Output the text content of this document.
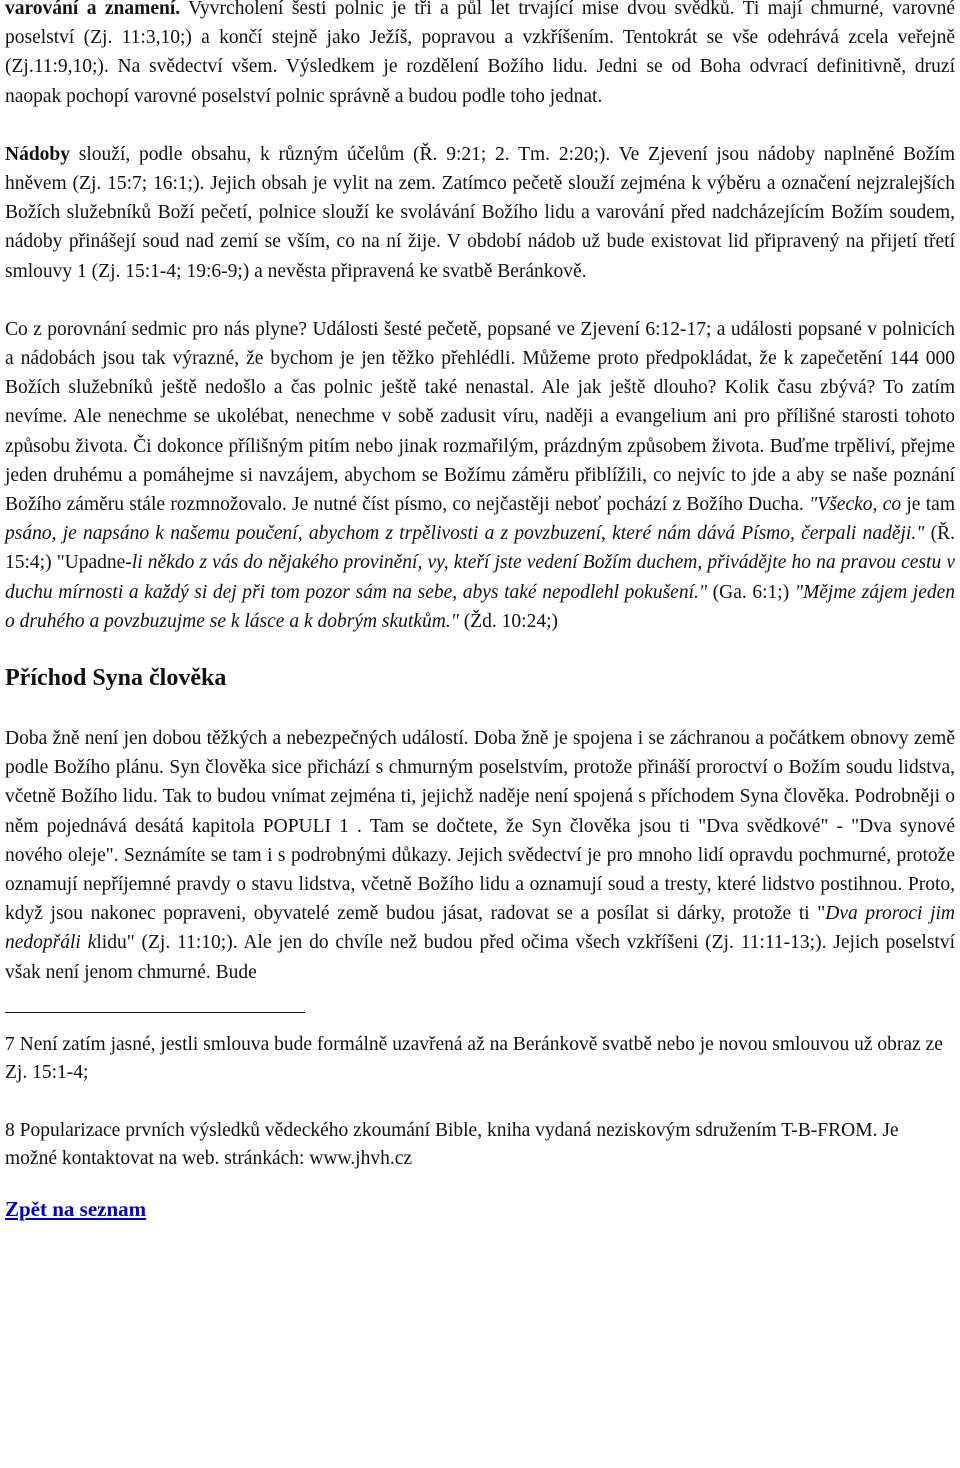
varování a znamení. Vyvrcholení šesti polnic je tři a půl let trvající mise dvou svědků. Ti mají chmurné, varovné poselství (Zj. 11:3,10;) a končí stejně jako Ježíš, popravou a vzkříšením. Tentokrát se vše odehrává zcela veřejně (Zj.11:9,10;). Na svědectví všem. Výsledkem je rozdělení Božího lidu. Jedni se od Boha odvrací definitivně, druzí naopak pochopí varovné poselství polnic správně a budou podle toho jednat.

Nádoby slouží, podle obsahu, k různým účelům (Ř. 9:21; 2. Tm. 2:20;). Ve Zjevení jsou nádoby naplněné Božím hněvem (Zj. 15:7; 16:1;). Jejich obsah je vylit na zem. Zatímco pečetě slouží zejména k výběru a označení nejzralejších Božích služebníků Boží pečetí, polnice slouží ke svolávání Božího lidu a varování před nadcházejícím Božím soudem, nádoby přinášejí soud nad zemí se vším, co na ní žije. V období nádob už bude existovat lid připravený na přijetí třetí smlouvy 1 (Zj. 15:1-4; 19:6-9;) a nevěsta připravená ke svatbě Beránkově.

Co z porovnání sedmic pro nás plyne? Události šesté pečetě, popsané ve Zjevení 6:12-17; a události popsané v polnicích a nádobách jsou tak výrazné, že bychom je jen těžko přehlédli. Můžeme proto předpokládat, že k zapečetění 144 000 Božích služebníků ještě nedošlo a čas polnic ještě také nenastal. Ale jak ještě dlouho? Kolik času zbývá? To zatím nevíme. Ale nenechme se ukolébat, nenechme v sobě zadusit víru, naději a evangelium ani pro přílišné starosti tohoto způsobu života. Či dokonce přílišným pitím nebo jinak rozmařilým, prázdným způsobem života. Buďme trpěliví, přejme jeden druhému a pomáhejme si navzájem, abychom se Božímu záměru přiblížili, co nejvíc to jde a aby se naše poznání Božího záměru stále rozmnožovalo. Je nutné číst písmo, co nejčastěji neboť pochází z Božího Ducha. "Všecko, co je tam psáno, je napsáno k našemu poučení, abychom z trpělivosti a z povzbuzení, které nám dává Písmo, čerpali naději." (Ř. 15:4;) "Upadne-li někdo z vás do nějakého provinění, vy, kteří jste vedení Božím duchem, přivádějte ho na pravou cestu v duchu mírnosti a každý si dej při tom pozor sám na sebe, abys také nepodlehl pokušení." (Ga. 6:1;) "Mějme zájem jeden o druhého a povzbuzujme se k lásce a k dobrým skutkům." (Žd. 10:24;)

Příchod Syna člověka

Doba žně není jen dobou těžkých a nebezpečných událostí. Doba žně je spojena i se záchranou a počátkem obnovy země podle Božího plánu. Syn člověka sice přichází s chmurným poselstvím, protože přináší proroctví o Božím soudu lidstva, včetně Božího lidu. Tak to budou vnímat zejména ti, jejichž naděje není spojená s příchodem Syna člověka. Podrobněji o něm pojednává desátá kapitola POPULI 1 . Tam se dočtete, že Syn člověka jsou ti "Dva svědkové" - "Dva synové nového oleje". Seznámíte se tam i s podrobnými důkazy. Jejich svědectví je pro mnoho lidí opravdu pochmurné, protože oznamují nepříjemné pravdy o stavu lidstva, včetně Božího lidu a oznamují soud a tresty, které lidstvo postihnou. Proto, když jsou nakonec popraveni, obyvatelé země budou jásat, radovat se a posílat si dárky, protože ti "Dva proroci jim nedopřáli klidu" (Zj. 11:10;). Ale jen do chvíle než budou před očima všech vzkříšeni (Zj. 11:11-13;). Jejich poselství však není jenom chmurné. Bude

7 Není zatím jasné, jestli smlouva bude formálně uzavřená až na Beránkově svatbě nebo je novou smlouvou už obraz ze Zj. 15:1-4;

8 Popularizace prvních výsledků vědeckého zkoumání Bible, kniha vydaná neziskovým sdružením T-B-FROM. Je možné kontaktovat na web. stránkách: www.jhvh.cz

Zpět na seznam
